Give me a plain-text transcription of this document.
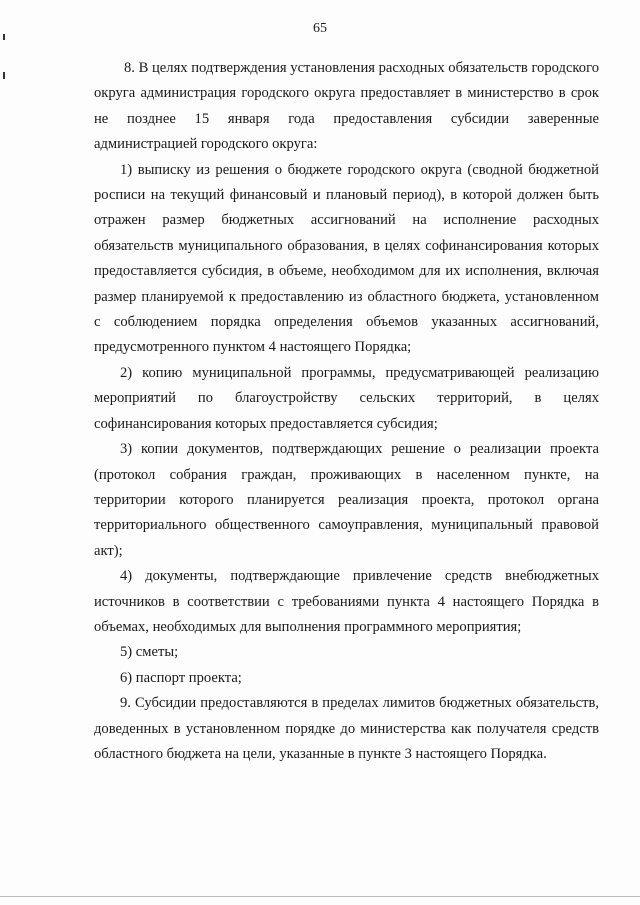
65

8. В целях подтверждения установления расходных обязательств городского округа администрация городского округа предоставляет в министерство в срок не позднее 15 января года предоставления субсидии заверенные администрацией городского округа:

1) выписку из решения о бюджете городского округа (сводной бюджетной росписи на текущий финансовый и плановый период), в которой должен быть отражен размер бюджетных ассигнований на исполнение расходных обязательств муниципального образования, в целях софинансирования которых предоставляется субсидия, в объеме, необходимом для их исполнения, включая размер планируемой к предоставлению из областного бюджета, установленном с соблюдением порядка определения объемов указанных ассигнований, предусмотренного пунктом 4 настоящего Порядка;

2) копию муниципальной программы, предусматривающей реализацию мероприятий по благоустройству сельских территорий, в целях софинансирования которых предоставляется субсидия;

3) копии документов, подтверждающих решение о реализации проекта (протокол собрания граждан, проживающих в населенном пункте, на территории которого планируется реализация проекта, протокол органа территориального общественного самоуправления, муниципальный правовой акт);

4) документы, подтверждающие привлечение средств внебюджетных источников в соответствии с требованиями пункта 4 настоящего Порядка в объемах, необходимых для выполнения программного мероприятия;

5) сметы;

6) паспорт проекта;

9. Субсидии предоставляются в пределах лимитов бюджетных обязательств, доведенных в установленном порядке до министерства как получателя средств областного бюджета на цели, указанные в пункте 3 настоящего Порядка.
